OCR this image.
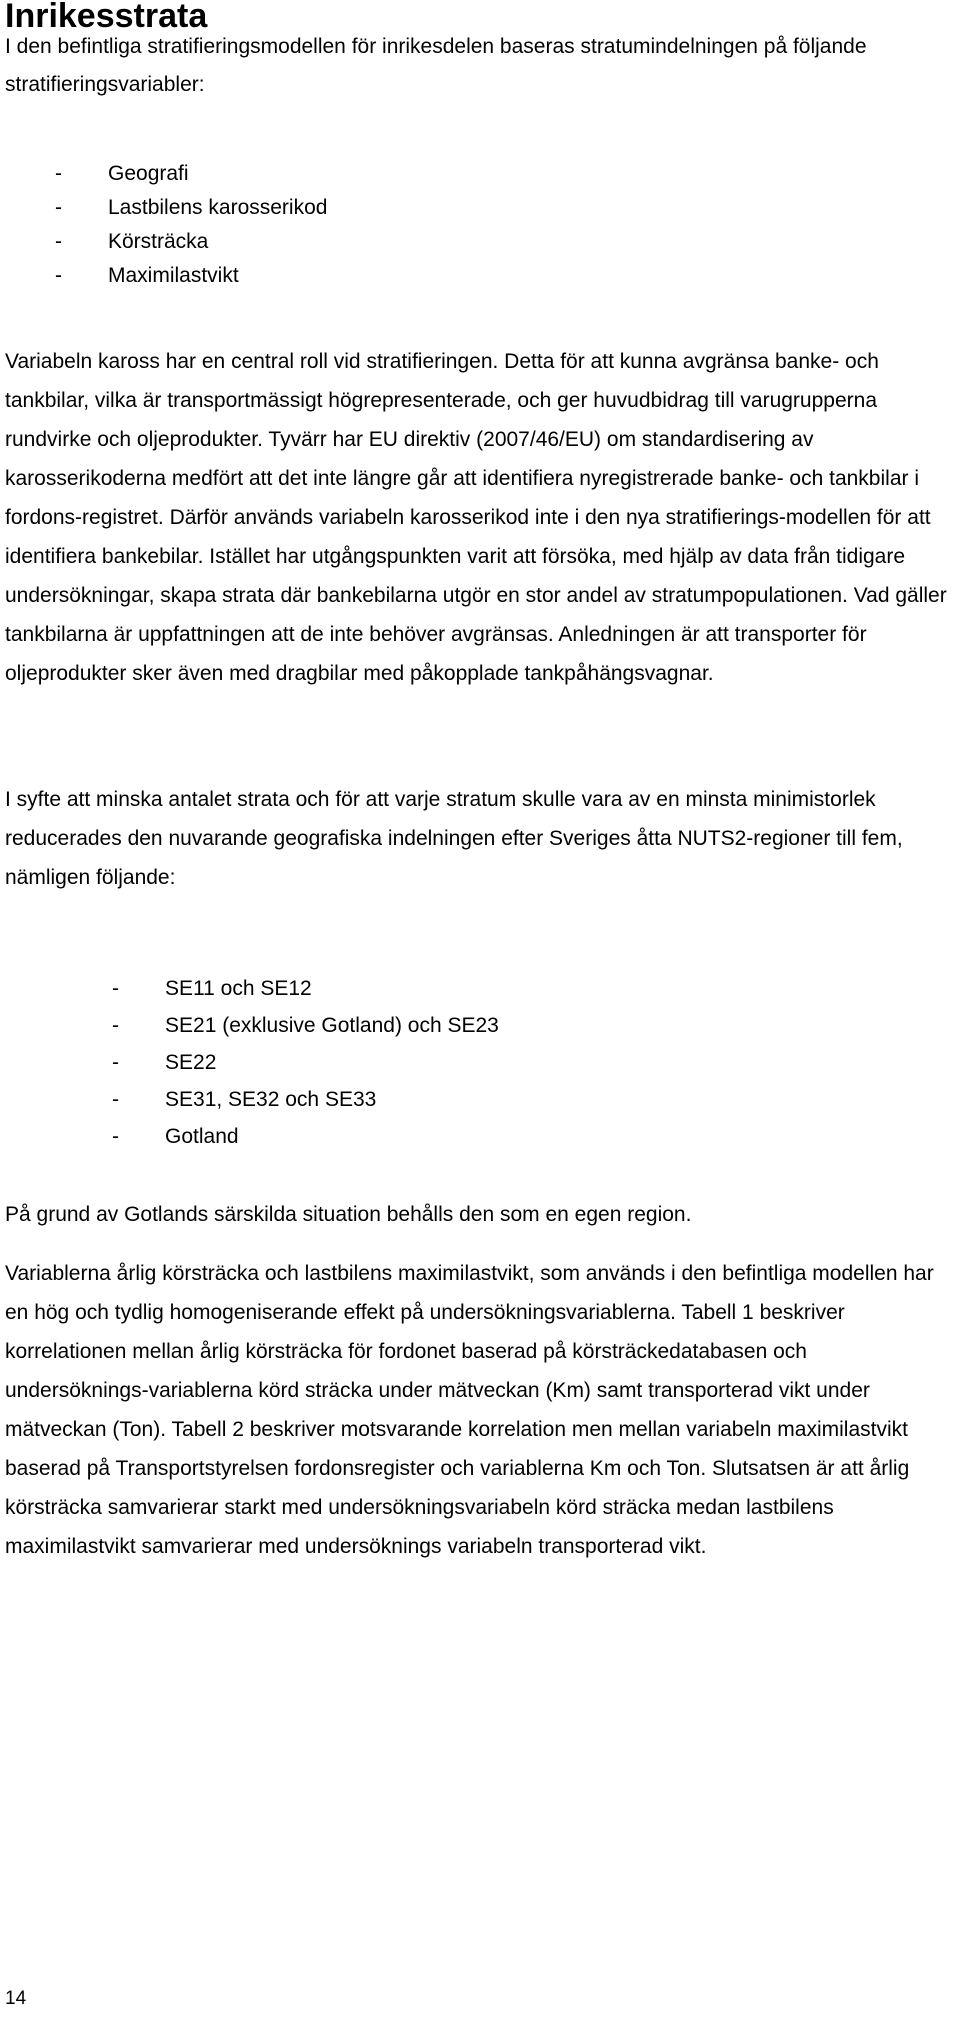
Inrikesstrata

I den befintliga stratifieringsmodellen för inrikesdelen baseras stratumindelningen på följande stratifieringsvariabler:

- Geografi
- Lastbilens karosserikod
- Körsträcka
- Maximilastvikt

Variabeln kaross har en central roll vid stratifieringen. Detta för att kunna avgränsa banke- och tankbilar, vilka är transportmässigt högrepresenterade, och ger huvudbidrag till varugrupperna rundvirke och oljeprodukter. Tyvärr har EU direktiv (2007/46/EU) om standardisering av karosserikoderna medfört att det inte längre går att identifiera nyregistrerade banke- och tankbilar i fordons-registret. Därför används variabeln karosserikod inte i den nya stratifierings-modellen för att identifiera bankebilar. Istället har utgångspunkten varit att försöka, med hjälp av data från tidigare undersökningar, skapa strata där bankebilarna utgör en stor andel av stratumpopulationen. Vad gäller tankbilarna är uppfattningen att de inte behöver avgränsas. Anledningen är att transporter för oljeprodukter sker även med dragbilar med påkopplade tankpåhängsvagnar.

I syfte att minska antalet strata och för att varje stratum skulle vara av en minsta minimistorlek reducerades den nuvarande geografiska indelningen efter Sveriges åtta NUTS2-regioner till fem, nämligen följande:

- SE11 och SE12
- SE21 (exklusive Gotland) och SE23
- SE22
- SE31, SE32 och SE33
- Gotland

På grund av Gotlands särskilda situation behålls den som en egen region.

Variablerna årlig körsträcka och lastbilens maximilastvikt, som används i den befintliga modellen har en hög och tydlig homogeniserande effekt på undersökningsvariablerna. Tabell 1 beskriver korrelationen mellan årlig körsträcka för fordonet baserad på körsträckedatabasen och undersöknings-variablerna körd sträcka under mätveckan (Km) samt transporterad vikt under mätveckan (Ton). Tabell 2 beskriver motsvarande korrelation men mellan variabeln maximilastvikt baserad på Transportstyrelsen fordonsregister och variablerna Km och Ton. Slutsatsen är att årlig körsträcka samvarierar starkt med undersökningsvariabeln körd sträcka medan lastbilens maximilastvikt samvarierar med undersöknings variabeln transporterad vikt.

14
